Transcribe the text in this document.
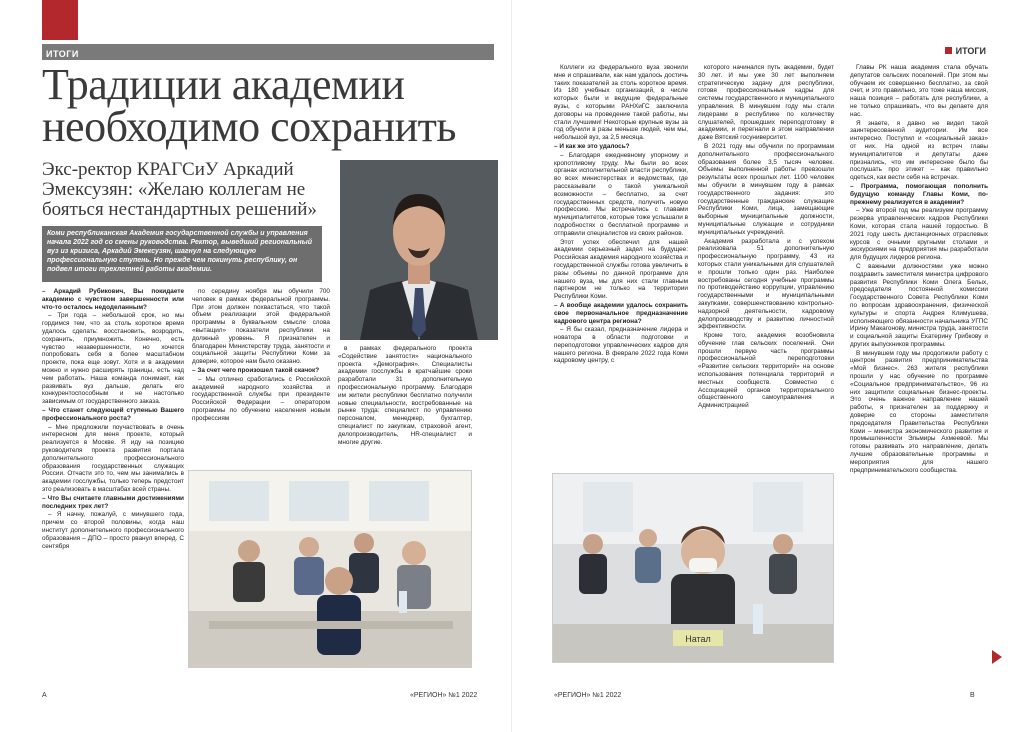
ИТОГИ
Традиции академии необходимо сохранить
Экс-ректор КРАГСиУ Аркадий Эмексузян: «Желаю коллегам не бояться нестандартных решений»
Коми республиканская Академия государственной службы и управления начала 2022 год со смены руководства. Ректор, выведший региональный вуз из кризиса, Аркадий Эмексузян, шагнул на следующую профессиональную ступень. Но прежде чем покинуть республику, он подвел итоги трехлетней работы академии.

– Аркадий Рубикович, Вы покидаете академию с чувством завершенности или что-то осталось недоделанным?

– Три года – небольшой срок, но мы гордимся тем, что за столь короткое время удалось сделать: восстановить, возродить, сохранить, приумножить. Конечно, есть чувство незавершенности, но хочется попробовать себя в более масштабном проекте, пока еще зовут. Хотя и в академии можно и нужно расширять границы, есть над чем работать. Наша команда понимает, как развивать вуз дальше, делать его конкурентоспособным и не настолько зависимым от государственного заказа.

– Что станет следующей ступенью Вашего профессионального роста?

– Мне предложили поучаствовать в очень интересном для меня проекте, который реализуется в Москве. Я иду на позицию руководителя проекта развития портала дополнительного профессионального образования государственных служащих России. Отчасти это то, чем мы занимались в академии госслужбы, только теперь предстоит это реализовать в масштабах всей страны.

– Что Вы считаете главными достижениями последних трех лет?

– Я начну, пожалуй, с минувшего года, причем со второй половины, когда наш институт дополнительного профессионального образования – ДПО – просто рванул вперед. С сентября

по середину ноября мы обучили 700 человек в рамках федеральной программы. При этом должен похвастаться, что такой объем реализации этой федеральной программы в буквальном смысле слова «вытащил» показатели республики на должный уровень. Я признателен и благодарен Министерству труда, занятости и социальной защиты Республики Коми за доверие, которое нам было оказано.

– За счет чего произошел такой скачок?

– Мы отлично сработались с Российской академией народного хозяйства и государственной службы при президенте Российской Федерации – оператором программы по обучению населения новым профессиям

в рамках федерального проекта «Содействие занятости» национального проекта «Демография». Специалисты академии госслужбы в кратчайшие сроки разработали 31 дополнительную профессиональную программу. Благодаря им жители республики бесплатно получили новые специальности, востребованные на рынке труда: специалист по управлению персоналом, менеджер, бухгалтер, специалист по закупкам, страховой агент, делопроизводитель, HR-специалист и многие другие.

А	«РЕГИОН» №1 2022
ИТОГИ

Коллеги из федерального вуза звонили мне и спрашивали, как нам удалось достичь таких показателей за столь короткое время. Из 180 учебных организаций, в числе которых были и ведущие федеральные вузы, с которыми РАНХиГС заключила договоры на проведение такой работы, мы стали лучшими! Некоторые крупные вузы за год обучили в разы меньше людей, чем мы, небольшой вуз, за 2,5 месяца.

– И как же это удалось?

– Благодаря ежедневному упорному и кропотливому труду. Мы были во всех органах исполнительной власти республики, во всех министерствах и ведомствах, где рассказывали о такой уникальной возможности – бесплатно, за счет государственных средств, получить новую профессию. Мы встречались с главами муниципалитетов, которые тоже услышали в подробностях о бесплатной программе и отправили специалистов из своих районов.

Этот успех обеспечил для нашей академии серьезный задел на будущее: Российская академия народного хозяйства и государственной службы готова увеличить в разы объемы по данной программе для нашего вуза, мы для них стали главным партнером не только на территории Республики Коми.

– А вообще академии удалось сохранить свое первоначальное предназначение кадрового центра региона?

– Я бы сказал, предназначение лидера и новатора в области подготовки и переподготовки управленческих кадров для нашего региона. В феврале 2022 года Коми кадровому центру, с

которого начинался путь академии, будет 30 лет. И мы уже 30 лет выполняем стратегическую задачу для республики, готовя профессиональные кадры для системы государственного и муниципального управления. В минувшем году мы стали лидерами в республике по количеству слушателей, прошедших переподготовку в академии, и перегнали в этом направлении даже Вятский госуниверситет.

В 2021 году мы обучили по программам дополнительного профессионального образования более 3,5 тысяч человек. Объемы выполненной работы превзошли результаты всех прошлых лет. 1100 человек мы обучили в минувшем году в рамках государственного задания: это государственные гражданские служащие Республики Коми, лица, замещающие выборные муниципальные должности, муниципальные служащие и сотрудники муниципальных учреждений.

Академия разработала и с успехом реализовала 51 дополнительную профессиональную программу, 43 из которых стали уникальными для слушателей и прошли только один раз. Наиболее востребованы сегодня учебные программы по противодействию коррупции, управлению государственными и муниципальными закупками, совершенствованию контрольно-надзорной деятельности, кадровому делопроизводству и развитию личностной эффективности.

Кроме того, академия возобновила обучение глав сельских поселений. Они прошли первую часть программы профессиональной переподготовки «Развитие сельских территорий» на основе использования потенциала территорий и местных сообществ. Совместно с Ассоциацией органов территориального общественного самоуправления и Администрацией

Главы РК наша академия стала обучать депутатов сельских поселений. При этом мы обучаем их совершенно бесплатно, за свой счет, и это правильно, это тоже наша миссия, наша позиция – работать для республики, а не только спрашивать, что вы делаете для нас.

Я знаете, я давно не видел такой заинтересованной аудитории. Им все интересно. Поступил и «социальный заказ» от них. На одной из встреч главы муниципалитетов и депутаты даже признались, что им интереснее было бы послушать про этикет – как правильно одеться, как вести себя на встречах.

– Программа, помогающая пополнить будущую команду Главы Коми, по-прежнему реализуется в академии?

– Уже второй год мы реализуем программу резерва управленческих кадров Республики Коми, которая стала нашей гордостью. В 2021 году шесть дистанционных отраслевых курсов с очными кругными столами и экскурсиями на предприятия мы разработали для будущих лидеров региона.

С важными должностями уже можно поздравить заместителя министра цифрового развития Республики Коми Олега Белых, председателя постоянной комиссии Государственного Совета Республики Коми по вопросам здравоохранения, физической культуры и спорта Андрея Климушева, исполняющего обязанности начальника УГПС Ирину Макагонову, министра труда, занятости и социальной защиты Екатерину Грибкову и других выпускников программы.

В минувшем году мы продолжили работу с центром развития предпринимательства «Мой бизнес». 263 жителя республики прошли у нас обучение по программе «Социальное предпринимательство», 96 из них защитили социальные бизнес-проекты. Это очень важное направление нашей работы, я признателен за поддержку и доверие со стороны заместителя председателя Правительства Республики Коми – министра экономического развития и промышленности Эльмиры Ахмеевой. Мы готовы развивать это направление, делать лучшие образовательные программы и мероприятия для нашего предпринимательского сообщества.

Натал
«РЕГИОН» №1 2022	В
